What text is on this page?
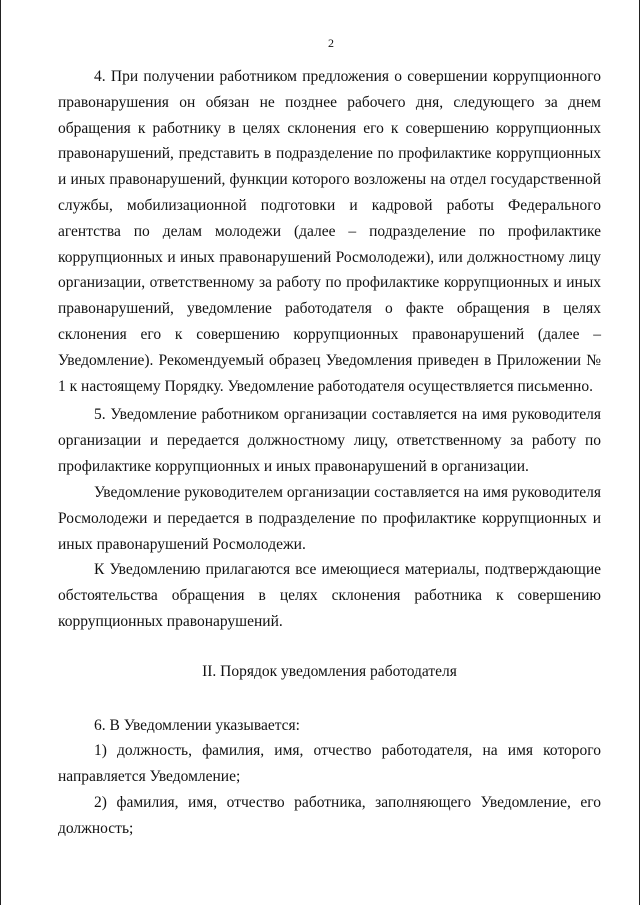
2

4. При получении работником предложения о совершении коррупционного правонарушения он обязан не позднее рабочего дня, следующего за днем обращения к работнику в целях склонения его к совершению коррупционных правонарушений, представить в подразделение по профилактике коррупционных и иных правонарушений, функции которого возложены на отдел государственной службы, мобилизационной подготовки и кадровой работы Федерального агентства по делам молодежи (далее – подразделение по профилактике коррупционных и иных правонарушений Росмолодежи), или должностному лицу организации, ответственному за работу по профилактике коррупционных и иных правонарушений, уведомление работодателя о факте обращения в целях склонения его к совершению коррупционных правонарушений (далее – Уведомление). Рекомендуемый образец Уведомления приведен в Приложении № 1 к настоящему Порядку. Уведомление работодателя осуществляется письменно.

5. Уведомление работником организации составляется на имя руководителя организации и передается должностному лицу, ответственному за работу по профилактике коррупционных и иных правонарушений в организации.

Уведомление руководителем организации составляется на имя руководителя Росмолодежи и передается в подразделение по профилактике коррупционных и иных правонарушений Росмолодежи.

К Уведомлению прилагаются все имеющиеся материалы, подтверждающие обстоятельства обращения в целях склонения работника к совершению коррупционных правонарушений.

II. Порядок уведомления работодателя

6. В Уведомлении указывается:

1) должность, фамилия, имя, отчество работодателя, на имя которого направляется Уведомление;

2) фамилия, имя, отчество работника, заполняющего Уведомление, его должность;
